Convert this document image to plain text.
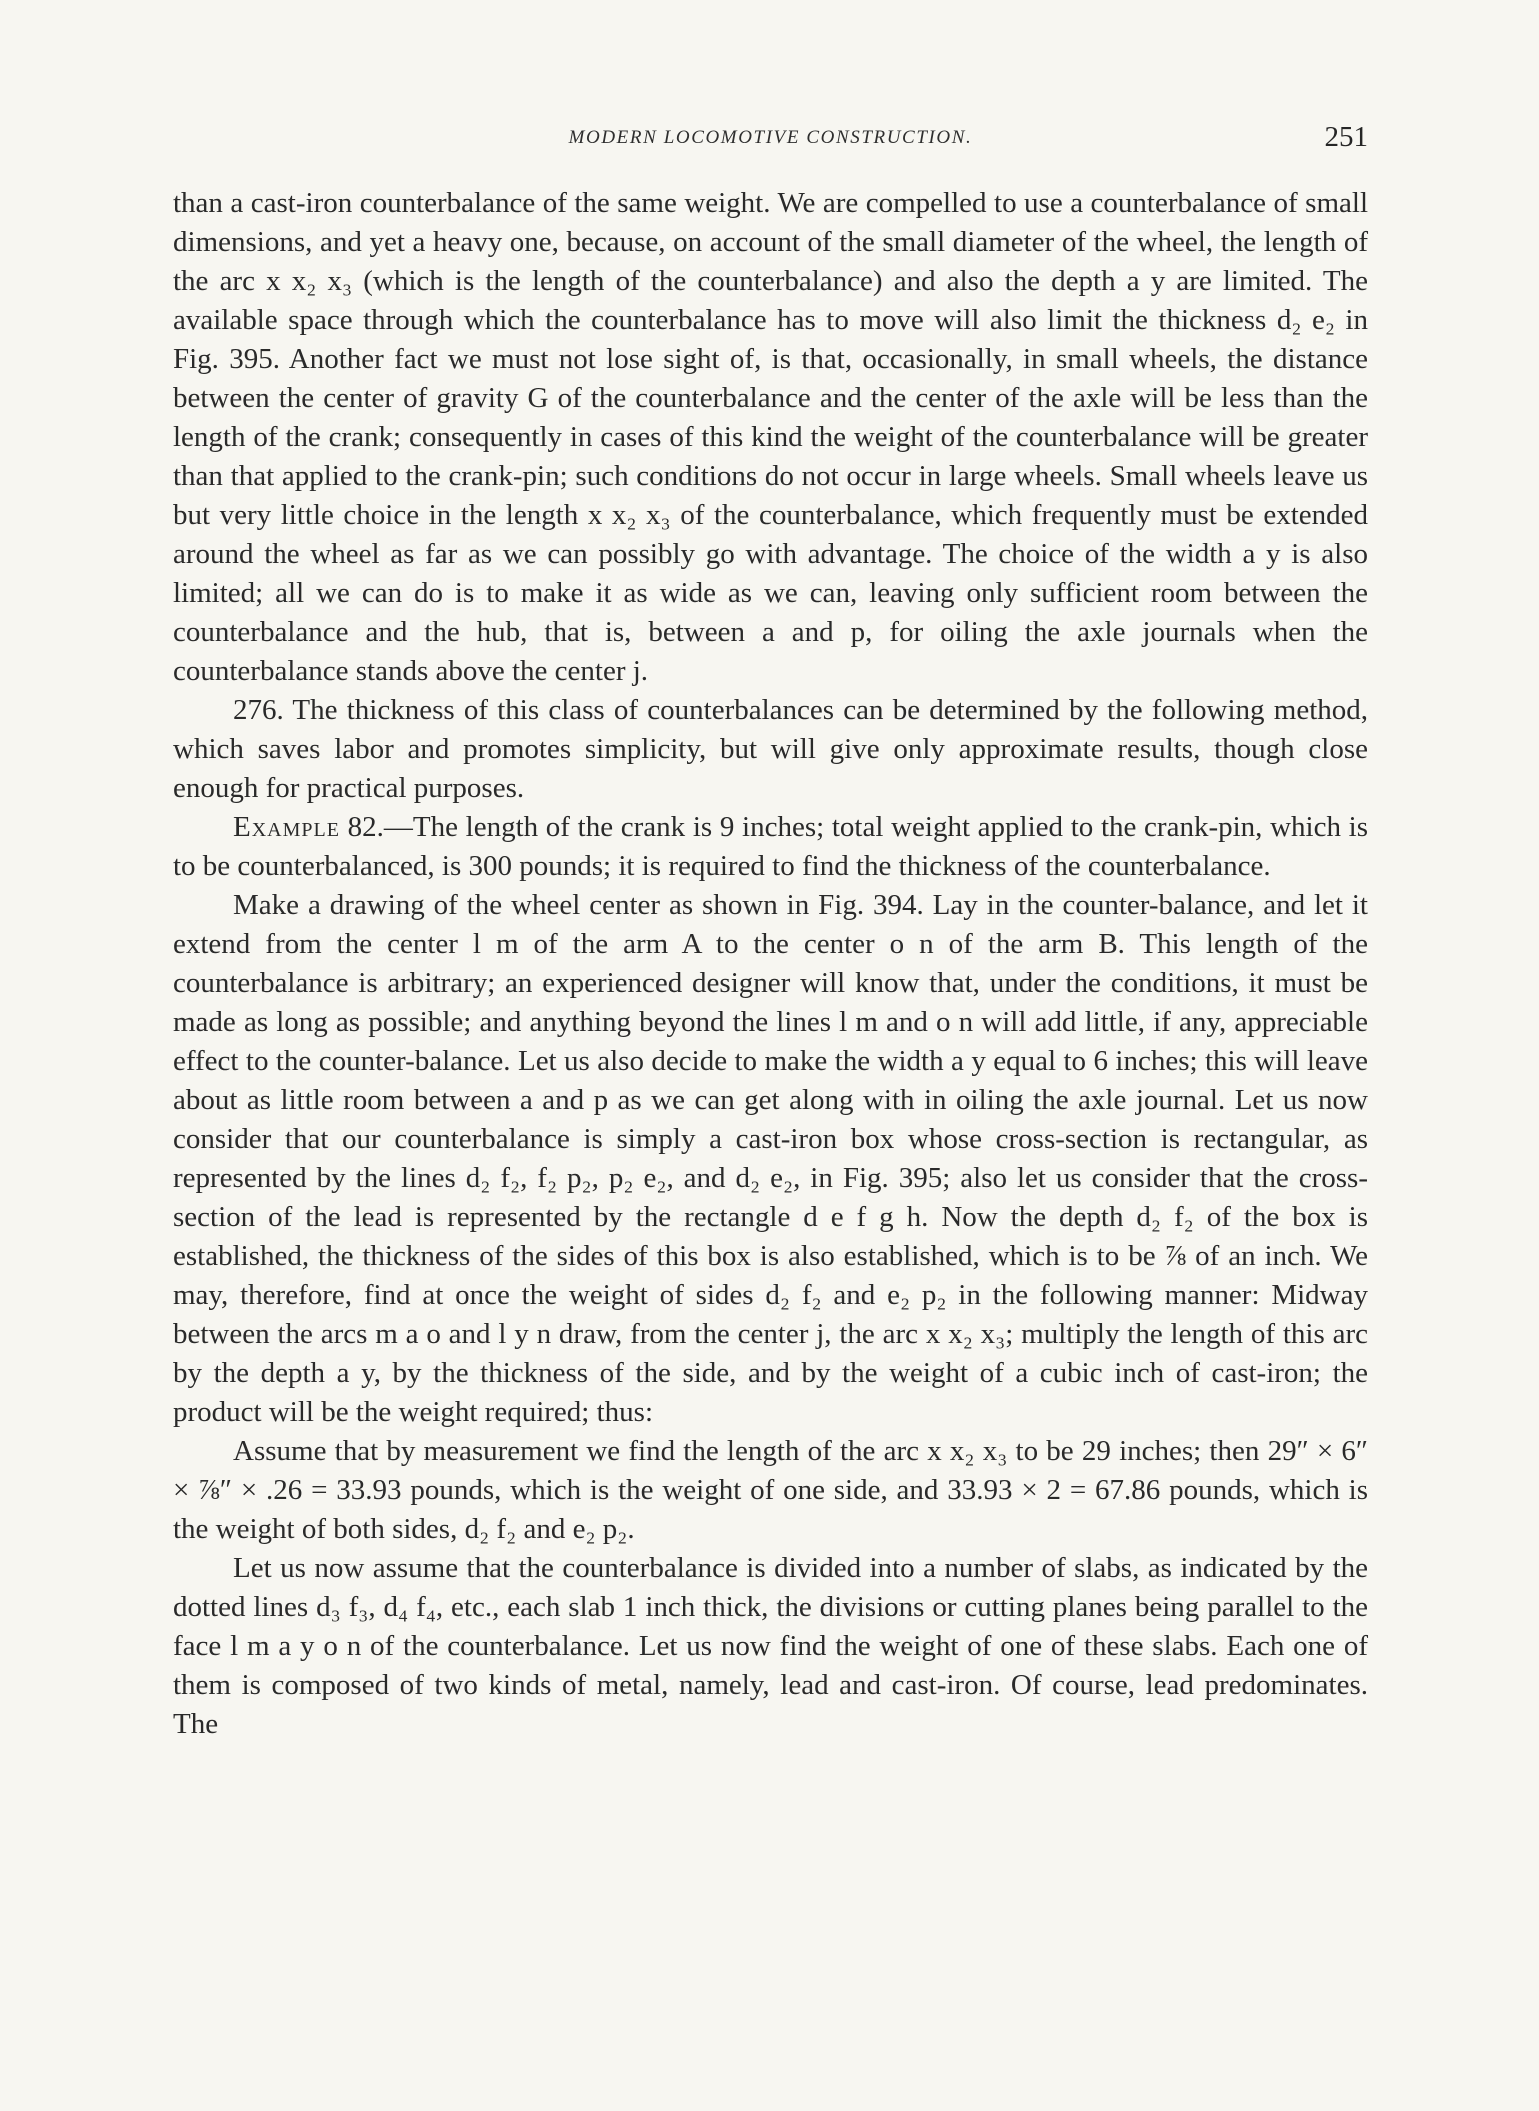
MODERN LOCOMOTIVE CONSTRUCTION.	251

than a cast-iron counterbalance of the same weight. We are compelled to use a counterbalance of small dimensions, and yet a heavy one, because, on account of the small diameter of the wheel, the length of the arc x x₂ x₃ (which is the length of the counterbalance) and also the depth a y are limited. The available space through which the counterbalance has to move will also limit the thickness d₂ e₂ in Fig. 395. Another fact we must not lose sight of, is that, occasionally, in small wheels, the distance between the center of gravity G of the counterbalance and the center of the axle will be less than the length of the crank; consequently in cases of this kind the weight of the counterbalance will be greater than that applied to the crank-pin; such conditions do not occur in large wheels. Small wheels leave us but very little choice in the length x x₂ x₃ of the counterbalance, which frequently must be extended around the wheel as far as we can possibly go with advantage. The choice of the width a y is also limited; all we can do is to make it as wide as we can, leaving only sufficient room between the counterbalance and the hub, that is, between a and p, for oiling the axle journals when the counterbalance stands above the center j.

276. The thickness of this class of counterbalances can be determined by the following method, which saves labor and promotes simplicity, but will give only approximate results, though close enough for practical purposes.

Example 82.—The length of the crank is 9 inches; total weight applied to the crank-pin, which is to be counterbalanced, is 300 pounds; it is required to find the thickness of the counterbalance.

Make a drawing of the wheel center as shown in Fig. 394. Lay in the counter-balance, and let it extend from the center l m of the arm A to the center o n of the arm B. This length of the counterbalance is arbitrary; an experienced designer will know that, under the conditions, it must be made as long as possible; and anything beyond the lines l m and o n will add little, if any, appreciable effect to the counter-balance. Let us also decide to make the width a y equal to 6 inches; this will leave about as little room between a and p as we can get along with in oiling the axle journal. Let us now consider that our counterbalance is simply a cast-iron box whose cross-section is rectangular, as represented by the lines d₂ f₂, f₂ p₂, p₂ e₂, and d₂ e₂, in Fig. 395; also let us consider that the cross-section of the lead is represented by the rectangle d e f g h. Now the depth d₂ f₂ of the box is established, the thickness of the sides of this box is also established, which is to be ⅞ of an inch. We may, therefore, find at once the weight of sides d₂ f₂ and e₂ p₂ in the following manner: Midway between the arcs m a o and l y n draw, from the center j, the arc x x₂ x₃; multiply the length of this arc by the depth a y, by the thickness of the side, and by the weight of a cubic inch of cast-iron; the product will be the weight required; thus:

Assume that by measurement we find the length of the arc x x₂ x₃ to be 29 inches; then 29″ × 6″ × ⅞″ × .26 = 33.93 pounds, which is the weight of one side, and 33.93 × 2 = 67.86 pounds, which is the weight of both sides, d₂ f₂ and e₂ p₂.

Let us now assume that the counterbalance is divided into a number of slabs, as indicated by the dotted lines d₃ f₃, d₄ f₄, etc., each slab 1 inch thick, the divisions or cutting planes being parallel to the face l m a y o n of the counterbalance. Let us now find the weight of one of these slabs. Each one of them is composed of two kinds of metal, namely, lead and cast-iron. Of course, lead predominates. The
